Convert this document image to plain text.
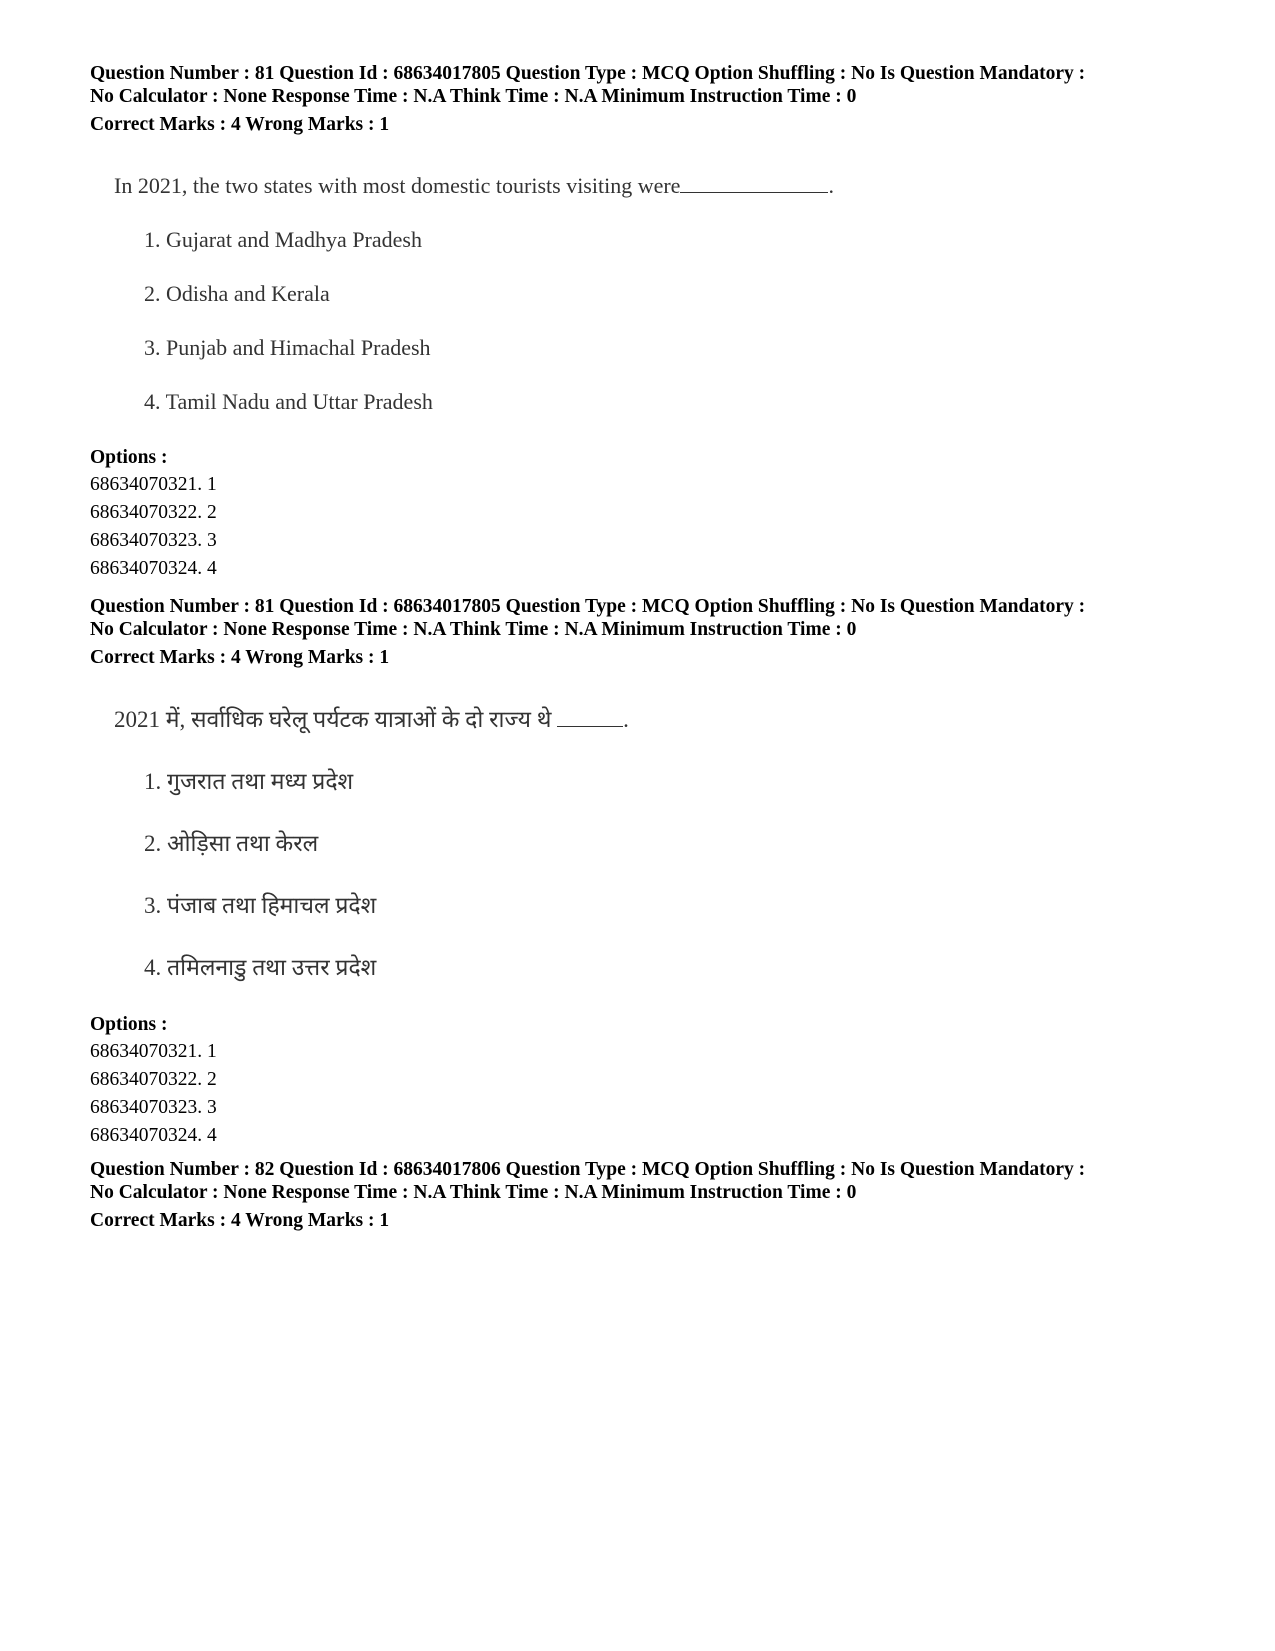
Question Number : 81 Question Id : 68634017805 Question Type : MCQ Option Shuffling : No Is Question Mandatory :
No Calculator : None Response Time : N.A Think Time : N.A Minimum Instruction Time : 0
Correct Marks : 4 Wrong Marks : 1
In 2021, the two states with most domestic tourists visiting were	.
1. Gujarat and Madhya Pradesh
2. Odisha and Kerala
3. Punjab and Himachal Pradesh
4. Tamil Nadu and Uttar Pradesh
Options :
68634070321. 1
68634070322. 2
68634070323. 3
68634070324. 4
Question Number : 81 Question Id : 68634017805 Question Type : MCQ Option Shuffling : No Is Question Mandatory :
No Calculator : None Response Time : N.A Think Time : N.A Minimum Instruction Time : 0
Correct Marks : 4 Wrong Marks : 1
2021 में, सर्वाधिक घरेलू पर्यटक यात्राओं के दो राज्य थे	.
1. गुजरात तथा मध्य प्रदेश
2. ओड़िसा तथा केरल
3. पंजाब तथा हिमाचल प्रदेश
4. तमिलनाडु तथा उत्तर प्रदेश
Options :
68634070321. 1
68634070322. 2
68634070323. 3
68634070324. 4
Question Number : 82 Question Id : 68634017806 Question Type : MCQ Option Shuffling : No Is Question Mandatory :
No Calculator : None Response Time : N.A Think Time : N.A Minimum Instruction Time : 0
Correct Marks : 4 Wrong Marks : 1
